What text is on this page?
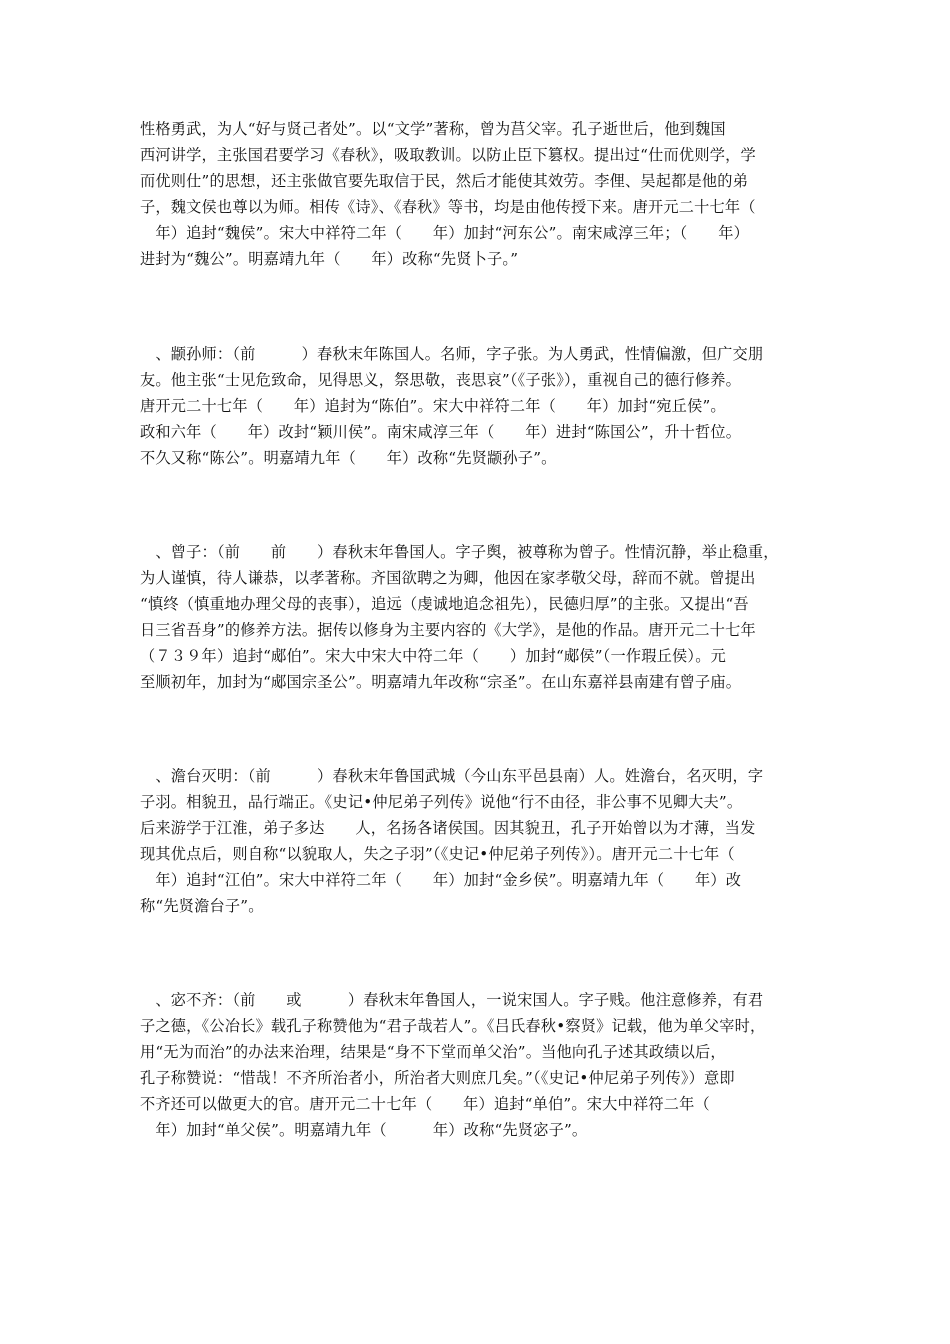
性格勇武，为人“好与贤己者处”。以“文学”著称，曾为莒父宰。孔子逝世后，他到魏国
西河讲学，主张国君要学习《春秋》，吸取教训。以防止臣下篡权。提出过“仕而优则学，学
而优则仕”的思想，还主张做官要先取信于民，然后才能使其效劳。李俚、吴起都是他的弟
子，魏文侯也尊以为师。相传《诗》、《春秋》等书，均是由他传授下来。唐开元二十七年（
　年）追封“魏侯”。宋大中祥符二年（　　年）加封“河东公”。南宋咸淳三年；（　　年）
进封为“魏公”。明嘉靖九年（　　年）改称“先贤卜子。”
　、颛孙师：（前　　　）春秋末年陈国人。名师，字子张。为人勇武，性情偏激，但广交朋
友。他主张“士见危致命，见得思义，祭思敬，丧思哀”（《子张》），重视自己的德行修养。
唐开元二十七年（　　年）追封为“陈伯”。宋大中祥符二年（　　年）加封“宛丘侯”。
政和六年（　　年）改封“颖川侯”。南宋咸淳三年（　　年）进封“陈国公”，升十哲位。
不久又称“陈公”。明嘉靖九年（　　年）改称“先贤颛孙子”。
　、曾子：（前　　前　　）春秋末年鲁国人。字子舆，被尊称为曾子。性情沉静，举止稳重，
为人谨慎，待人谦恭，以孝著称。齐国欲聘之为卿，他因在家孝敬父母，辞而不就。曾提出
“慎终（慎重地办理父母的丧事），追远（虔诚地追念祖先），民德归厚”的主张。又提出“吾
日三省吾身”的修养方法。据传以修身为主要内容的《大学》，是他的作品。唐开元二十七年
（７３９年）追封“郕伯”。宋大中宋大中符二年（　　）加封“郕侯”（一作瑕丘侯）。元
至顺初年，加封为“郕国宗圣公”。明嘉靖九年改称“宗圣”。在山东嘉祥县南建有曾子庙。
　、澹台灭明：（前　　　）春秋末年鲁国武城（今山东平邑县南）人。姓澹台，名灭明，字
子羽。相貌丑，品行端正。《史记•仲尼弟子列传》说他“行不由径，非公事不见卿大夫”。
后来游学于江淮，弟子多达　　人，名扬各诸侯国。因其貌丑，孔子开始曾以为才薄，当发
现其优点后，则自称“以貌取人，失之子羽”（《史记•仲尼弟子列传》）。唐开元二十七年（
　年）追封“江伯”。宋大中祥符二年（　　年）加封“金乡侯”。明嘉靖九年（　　年）改
称“先贤澹台子”。
　、宓不齐：（前　　或　　　）春秋末年鲁国人，一说宋国人。字子贱。他注意修养，有君
子之德，《公冶长》载孔子称赞他为“君子哉若人”。《吕氏春秋•察贤》记载，他为单父宰时，
用“无为而治”的办法来治理，结果是“身不下堂而单父治”。当他向孔子述其政绩以后，
孔子称赞说：“惜哉！不齐所治者小，所治者大则庶几矣。”（《史记•仲尼弟子列传》）意即
不齐还可以做更大的官。唐开元二十七年（　　年）追封“单伯”。宋大中祥符二年（
　年）加封“单父侯”。明嘉靖九年（　　　年）改称“先贤宓子”。
